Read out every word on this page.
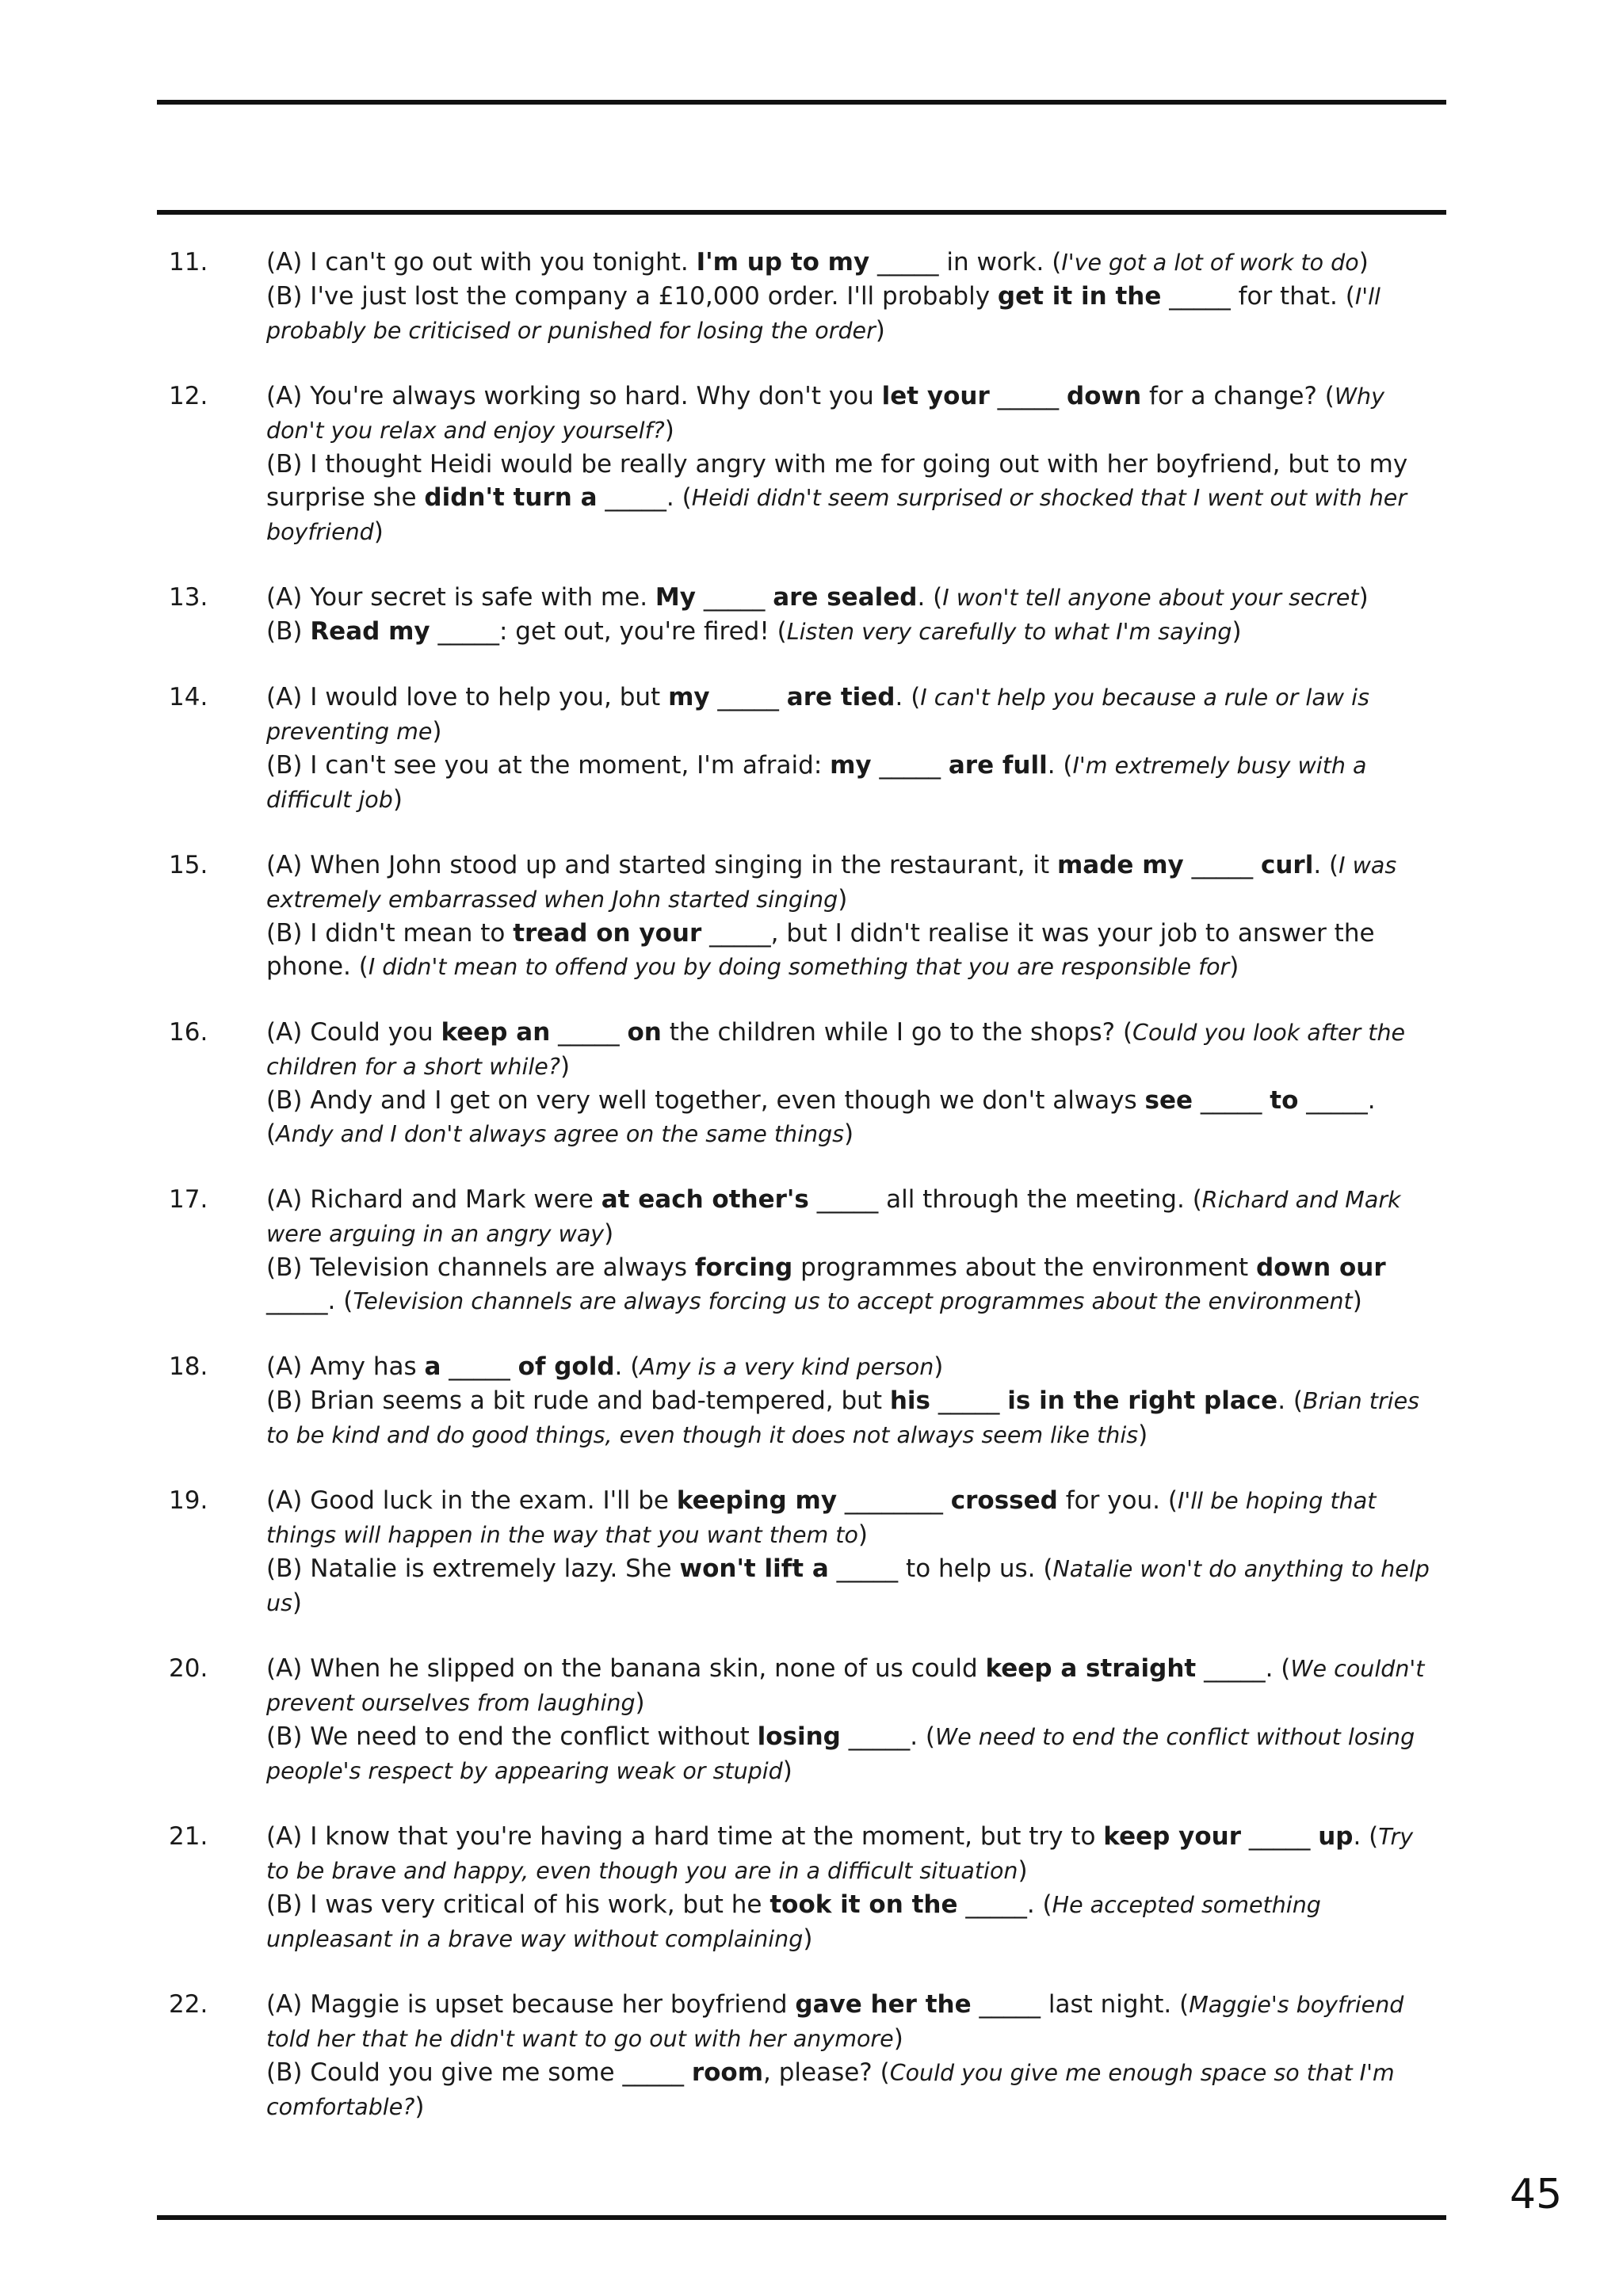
11.	(A) I can't go out with you tonight. I'm up to my _____ in work. (I've got a lot of work to do)
(B) I've just lost the company a £10,000 order. I'll probably get it in the _____ for that. (I'll probably be criticised or punished for losing the order)
12.	(A) You're always working so hard. Why don't you let your _____ down for a change? (Why don't you relax and enjoy yourself?)
(B) I thought Heidi would be really angry with me for going out with her boyfriend, but to my surprise she didn't turn a _____. (Heidi didn't seem surprised or shocked that I went out with her boyfriend)
13.	(A) Your secret is safe with me. My _____ are sealed. (I won't tell anyone about your secret)
(B) Read my _____: get out, you're fired! (Listen very carefully to what I'm saying)
14.	(A) I would love to help you, but my _____ are tied. (I can't help you because a rule or law is preventing me)
(B) I can't see you at the moment, I'm afraid: my _____ are full. (I'm extremely busy with a difficult job)
15.	(A) When John stood up and started singing in the restaurant, it made my _____ curl. (I was extremely embarrassed when John started singing)
(B) I didn't mean to tread on your _____, but I didn't realise it was your job to answer the phone. (I didn't mean to offend you by doing something that you are responsible for)
16.	(A) Could you keep an _____ on the children while I go to the shops? (Could you look after the children for a short while?)
(B) Andy and I get on very well together, even though we don't always see _____ to _____. (Andy and I don't always agree on the same things)
17.	(A) Richard and Mark were at each other's _____ all through the meeting. (Richard and Mark were arguing in an angry way)
(B) Television channels are always forcing programmes about the environment down our _____. (Television channels are always forcing us to accept programmes about the environment)
18.	(A) Amy has a _____ of gold. (Amy is a very kind person)
(B) Brian seems a bit rude and bad-tempered, but his _____ is in the right place. (Brian tries to be kind and do good things, even though it does not always seem like this)
19.	(A) Good luck in the exam. I'll be keeping my ________ crossed for you. (I'll be hoping that things will happen in the way that you want them to)
(B) Natalie is extremely lazy. She won't lift a _____ to help us. (Natalie won't do anything to help us)
20.	(A) When he slipped on the banana skin, none of us could keep a straight _____. (We couldn't prevent ourselves from laughing)
(B) We need to end the conflict without losing _____. (We need to end the conflict without losing people's respect by appearing weak or stupid)
21.	(A) I know that you're having a hard time at the moment, but try to keep your _____ up. (Try to be brave and happy, even though you are in a difficult situation)
(B) I was very critical of his work, but he took it on the _____. (He accepted something unpleasant in a brave way without complaining)
22.	(A) Maggie is upset because her boyfriend gave her the _____ last night. (Maggie's boyfriend told her that he didn't want to go out with her anymore)
(B) Could you give me some _____ room, please? (Could you give me enough space so that I'm comfortable?)
45
